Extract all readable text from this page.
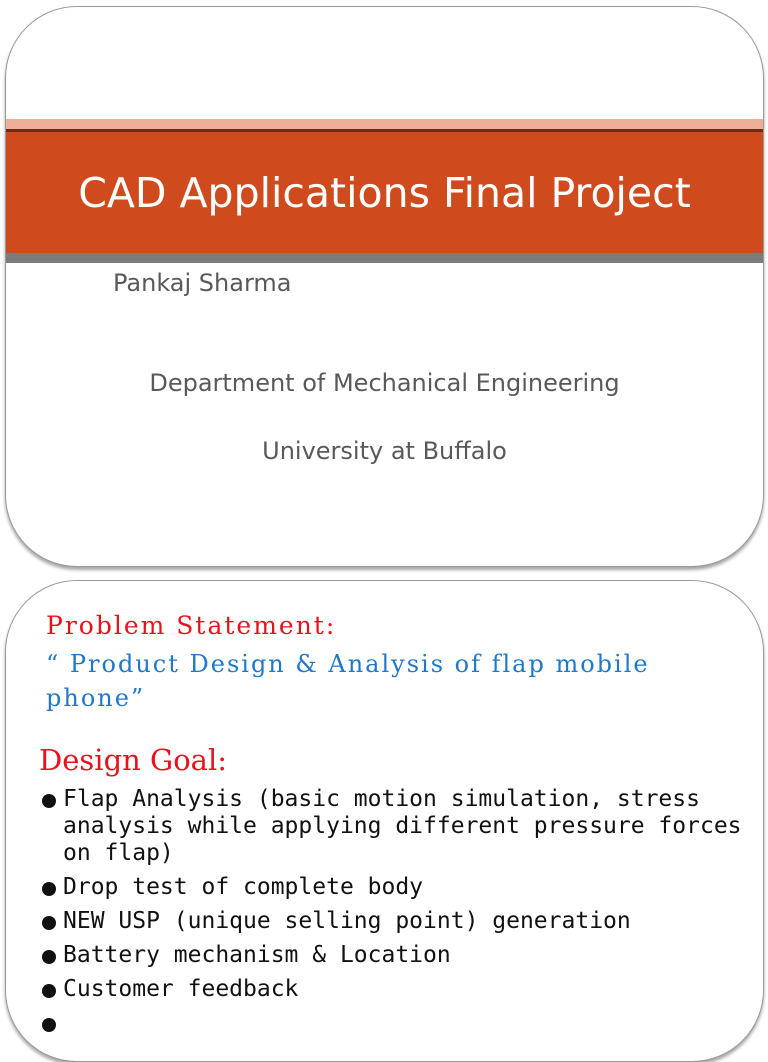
CAD Applications Final Project
Pankaj Sharma
Department of Mechanical Engineering
University at Buffalo
Problem Statement:
“ Product Design & Analysis of flap mobile phone”
Design Goal:
Flap Analysis (basic motion simulation, stress analysis while applying different pressure forces on flap)
Drop test of complete body
NEW USP (unique selling point) generation
Battery mechanism & Location
Customer feedback
